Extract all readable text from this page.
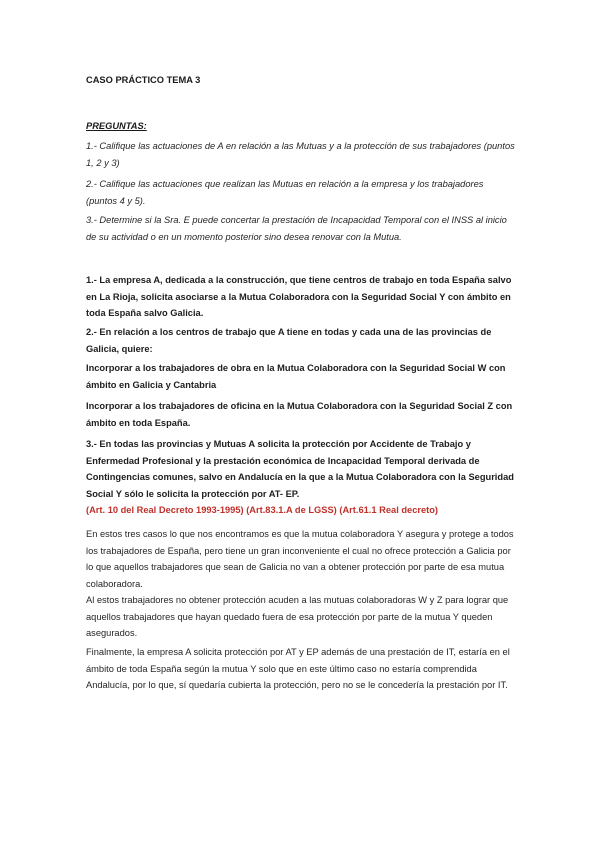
CASO PRÁCTICO TEMA 3
PREGUNTAS:
1.- Califique las actuaciones de A en relación a las Mutuas y a la protección de sus trabajadores (puntos 1, 2 y 3)
2.- Califique las actuaciones que realizan las Mutuas en relación a la empresa y los trabajadores (puntos 4 y 5).
3.- Determine si la Sra. E puede concertar la prestación de Incapacidad Temporal con el INSS al inicio de su actividad o en un momento posterior sino desea renovar con la Mutua.
1.- La empresa A, dedicada a la construcción, que tiene centros de trabajo en toda España salvo en La Rioja, solicita asociarse a la Mutua Colaboradora con la Seguridad Social Y con ámbito en toda España salvo Galicia.
2.- En relación a los centros de trabajo que A tiene en todas y cada una de las provincias de Galicia, quiere:
Incorporar a los trabajadores de obra en la Mutua Colaboradora con la Seguridad Social W con ámbito en Galicia y Cantabria
Incorporar a los trabajadores de oficina en la Mutua Colaboradora con la Seguridad Social Z con ámbito en toda España.
3.- En todas las provincias y Mutuas A solicita la protección por Accidente de Trabajo y Enfermedad Profesional y la prestación económica de Incapacidad Temporal derivada de Contingencias comunes, salvo en Andalucía en la que a la Mutua Colaboradora con la Seguridad Social Y sólo le solicita la protección por AT- EP.
(Art. 10 del Real Decreto 1993-1995) (Art.83.1.A de LGSS) (Art.61.1 Real decreto)
En estos tres casos lo que nos encontramos es que la mutua colaboradora Y asegura y protege a todos los trabajadores de España, pero tiene un gran inconveniente el cual no ofrece protección a Galicia por lo que aquellos trabajadores que sean de Galicia no van a obtener protección por parte de esa mutua colaboradora.
Al estos trabajadores no obtener protección acuden a las mutuas colaboradoras W y Z para lograr que aquellos trabajadores que hayan quedado fuera de esa protección por parte de la mutua Y queden asegurados.
Finalmente, la empresa A solicita protección por AT y EP además de una prestación de IT, estaría en el ámbito de toda España según la mutua Y solo que en este último caso no estaría comprendida Andalucía, por lo que, sí quedaría cubierta la protección, pero no se le concedería la prestación por IT.
